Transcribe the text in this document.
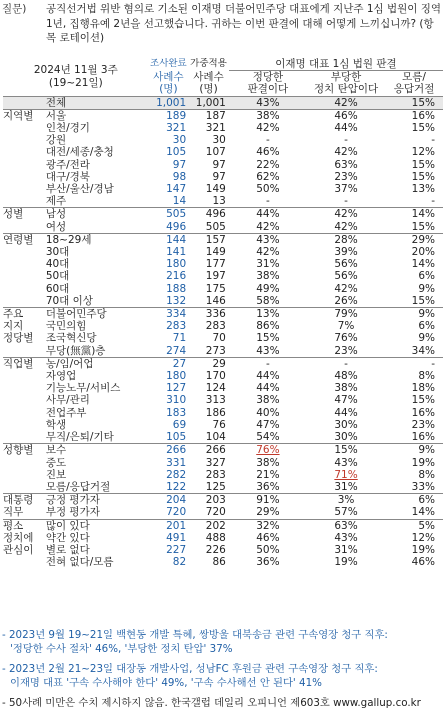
질문) 공직선거법 위반 혐의로 기소된 이재명 더불어민주당 대표에게 지난주 1심 법원이 징역 1년, 집행유예 2년을 선고했습니다. 귀하는 이번 판결에 대해 어떻게 느끼십니까? (항목 로테이션)
2024년 11월 3주
(19~21일)		조사완료	가중적용	이재명 대표 1심 법원 판결		
		사례수	사례수	정당한	부당한	모름/
		(명)	(명)	판결이다	정치 탄압이다	응답거절
	전체	1,001	1,001	43%	42%	15%
지역별	서울	189	187	38%	46%	16%
	인천/경기	321	321	42%	44%	15%
	강원	30	30	-	-	-
	대전/세종/충청	105	107	46%	42%	12%
	광주/전라	97	97	22%	63%	15%
	대구/경북	98	97	62%	23%	15%
	부산/울산/경남	147	149	50%	37%	13%
	제주	14	13	-	-	-
성별	남성	505	496	44%	42%	14%
	여성	496	505	42%	42%	15%
연령별	18~29세	144	157	43%	28%	29%
	30대	141	149	42%	39%	20%
	40대	180	177	31%	56%	14%
	50대	216	197	38%	56%	6%
	60대	188	175	49%	42%	9%
	70대 이상	132	146	58%	26%	15%
주요	더불어민주당	334	336	13%	79%	9%
지지	국민의힘	283	283	86%	7%	6%
정당별	조국혁신당	71	70	15%	76%	9%
	무당(無黨)층	274	273	43%	23%	34%
직업별	농/임/어업	27	29	-	-	-
	자영업	180	170	44%	48%	8%
	기능노무/서비스	127	124	44%	38%	18%
	사무/관리	310	313	38%	47%	15%
	전업주부	183	186	40%	44%	16%
	학생	69	76	47%	30%	23%
	무직/은퇴/기타	105	104	54%	30%	16%
성향별	보수	266	266	76%	15%	9%
	중도	331	327	38%	43%	19%
	진보	282	283	21%	71%	8%
	모름/응답거절	122	125	36%	31%	33%
대통령	긍정 평가자	204	203	91%	3%	6%
직무	부정 평가자	720	720	29%	57%	14%
평소	많이 있다	201	202	32%	63%	5%
정치에	약간 있다	491	488	46%	43%	12%
관심이	별로 없다	227	226	50%	31%	19%
	전혀 없다/모름	82	86	36%	19%	46%
- 2023년 9월 19~21일 백현동 개발 특혜, 쌍방울 대북송금 관련 구속영장 청구 직후:
'정당한 수사 절차' 46%, '부당한 정치 탄압' 37%
- 2023년 2월 21~23일 대장동 개발사업, 성남FC 후원금 관련 구속영장 청구 직후:
이재명 대표 '구속 수사해야 한다' 49%, '구속 수사해선 안 된다' 41%
- 50사례 미만은 수치 제시하지 않음. 한국갤럽 데일리 오피니언 제603호 www.gallup.co.kr
